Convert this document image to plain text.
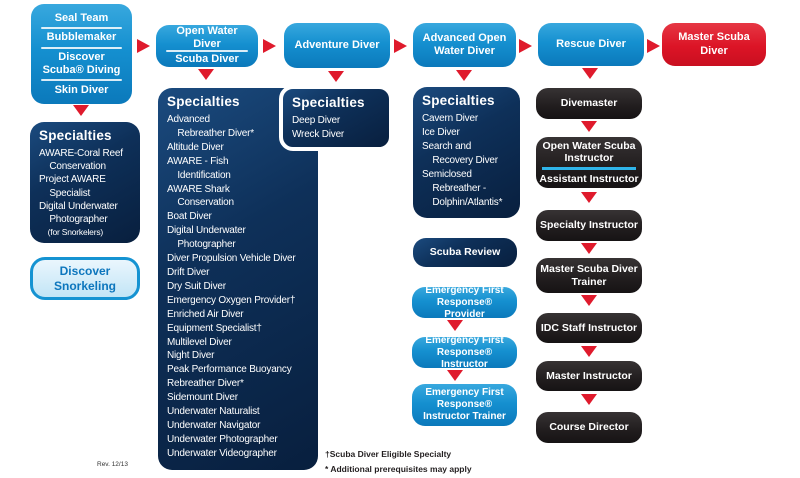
Seal Team
Bubblemaker
Discover Scuba® Diving
Skin Diver
Open Water Diver
Scuba Diver
Adventure Diver
Advanced Open Water Diver
Rescue Diver
Master Scuba Diver
Specialties
AWARE-Coral Reef
Conservation
Project AWARE
Specialist
Digital Underwater
Photographer
(for Snorkelers)
Discover Snorkeling
Specialties
Advanced
Rebreather Diver*
Altitude Diver
AWARE - Fish
Identification
AWARE Shark
Conservation
Boat Diver
Digital Underwater
Photographer
Diver Propulsion Vehicle Diver
Drift Diver
Dry Suit Diver
Emergency Oxygen Provider†
Enriched Air Diver
Equipment Specialist†
Multilevel Diver
Night Diver
Peak Performance Buoyancy
Rebreather Diver*
Sidemount Diver
Underwater Naturalist
Underwater Navigator
Underwater Photographer
Underwater Videographer
Specialties
Deep Diver
Wreck Diver
Specialties
Cavern Diver
Ice Diver
Search and
Recovery Diver
Semiclosed
Rebreather -
Dolphin/Atlantis*
Scuba Review
Emergency First Response® Provider
Emergency First Response® Instructor
Emergency First Response® Instructor Trainer
Divemaster
Open Water Scuba Instructor
Assistant Instructor
Specialty Instructor
Master Scuba Diver Trainer
IDC Staff Instructor
Master Instructor
Course Director
†Scuba Diver Eligible Specialty
* Additional prerequisites may apply
Rev. 12/13
